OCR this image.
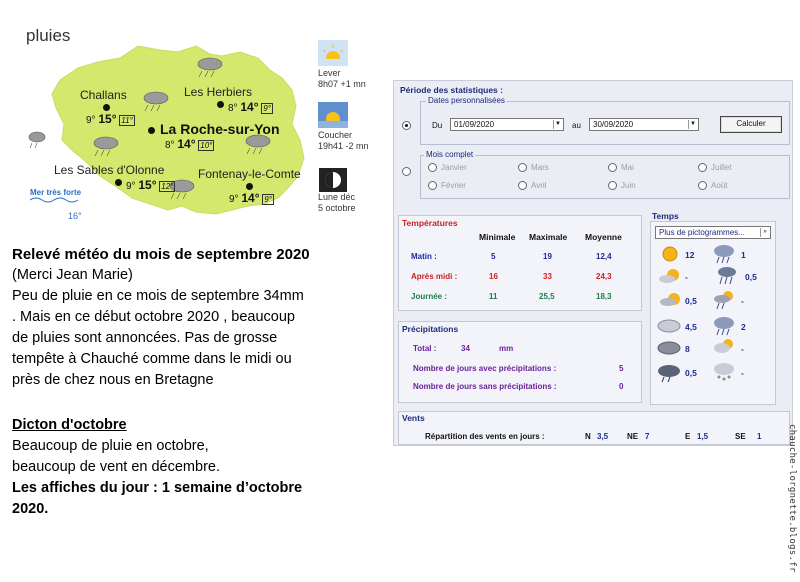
pluies
Challans
9° 15° 11°
Les Herbiers
8° 14° 9°
La Roche-sur-Yon
8° 14° 10°
Les Sables d'Olonne
9° 15° 12°
Fontenay-le-Comte
9° 14° 9°
Mer très forte
16°
Lever
8h07 +1 mn
Coucher
19h41 -2 mn
Lune déc
5 octobre
Relevé météo du mois de septembre 2020
(Merci Jean Marie)
Peu de pluie en ce mois de septembre 34mm
. Mais en ce début octobre 2020 , beaucoup
de pluies sont annoncées. Pas de grosse
tempête à Chauché comme dans le midi ou
près de chez nous en Bretagne
Dicton d'octobre
Beaucoup de pluie en octobre,
beaucoup de vent en décembre.
Les affiches du jour : 1 semaine d’octobre
2020.
Période des statistiques :
Dates personnalisées
Du	01/09/2020	▼ au	30/09/2020	▼	Calculer
Mois complet
Janvier	Mars	Mai	Juillet
Février	Avril	Juin	Août
Températures
Minimale Maximale Moyenne
Matin :	5	19	12,4
Après midi :	16	33	24,3
Journée :	11	25,5	18,3
Précipitations
Total :	34	mm
Nombre de jours avec précipitations :	5
Nombre de jours sans précipitations :	0
Temps
Plus de pictogrammes...	»
12	1
-	0,5
0,5	-
4,5	2
8	-
0,5	-
Vents
Répartition des vents en jours :	N 3,5 NE 7	E 1,5	SE 1	chauche-lorgnette.blogs.fr
